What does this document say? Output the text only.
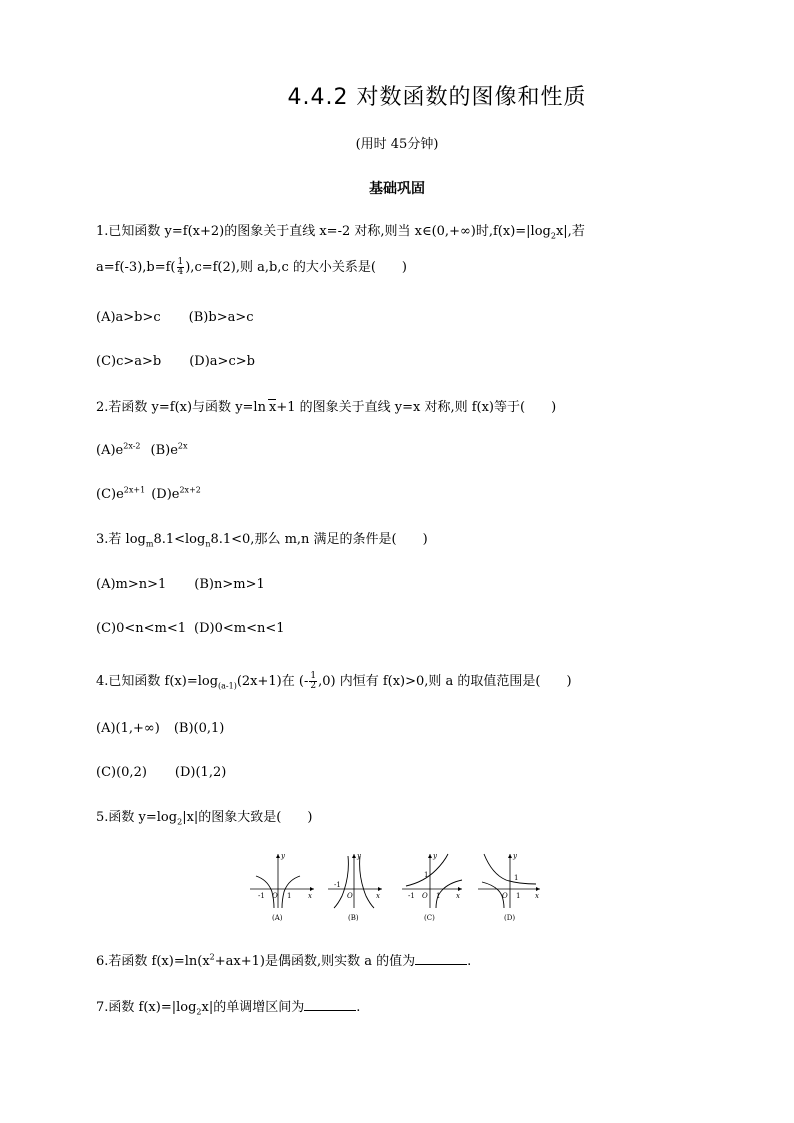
4.4.2 对数函数的图像和性质
(用时 45分钟)
基础巩固
1.已知函数 y=f(x+2)的图象关于直线 x=-2 对称,则当 x∈(0,+∞)时$,f(x)=|\log_2x|$,若
$a=f(-3),b=f( \frac{1}{4} ),c=f(2)$,则 a,b,c 的大小关系是(　　)
(A)a>b>c (B)b>a>c
(C)c>a>b (D)a>c>b
2.若函数 y=f(x)与函数 y=ln x+1 的图象关于直线 y=x 对称,则 f(x)等于(　　)
$(A)e^{2x-2}$ $(B)e^{2x}$
$(C)e^{2x+1}$ $(D)e^{2x+2}$
3.若 $\log_m8.1<\log_n8.1<0$,那么 m,n 满足的条件是(　　)
(A)m>n>1 (B)n>m>1
(C)0<n<m<1 (D)0<m<n<1
4.已知函数 $f(x)=\log_{(a-1)}(2x+1)$在 (- $\frac{1}{2} ,0$) 内恒有 f(x)>0,则 a 的取值范围是(　　)
(A)(1,+∞) (B)(0,1)
(C)(0,2) (D)(1,2)
5.函数 $y=\log_2|x|$的图象大致是(　　)
y
x
-1 O 1
(A)
y
x
-1
O
(B)
y
x
1
-1 O 1
(C)
y
x
1
O 1
(D)
6.若函数 $f(x)=\ln(x^2+ax+1)$是偶函数,则实数 a 的值为	.
7.函数 $f(x)=|\log_2x|$的单调增区间为	.
